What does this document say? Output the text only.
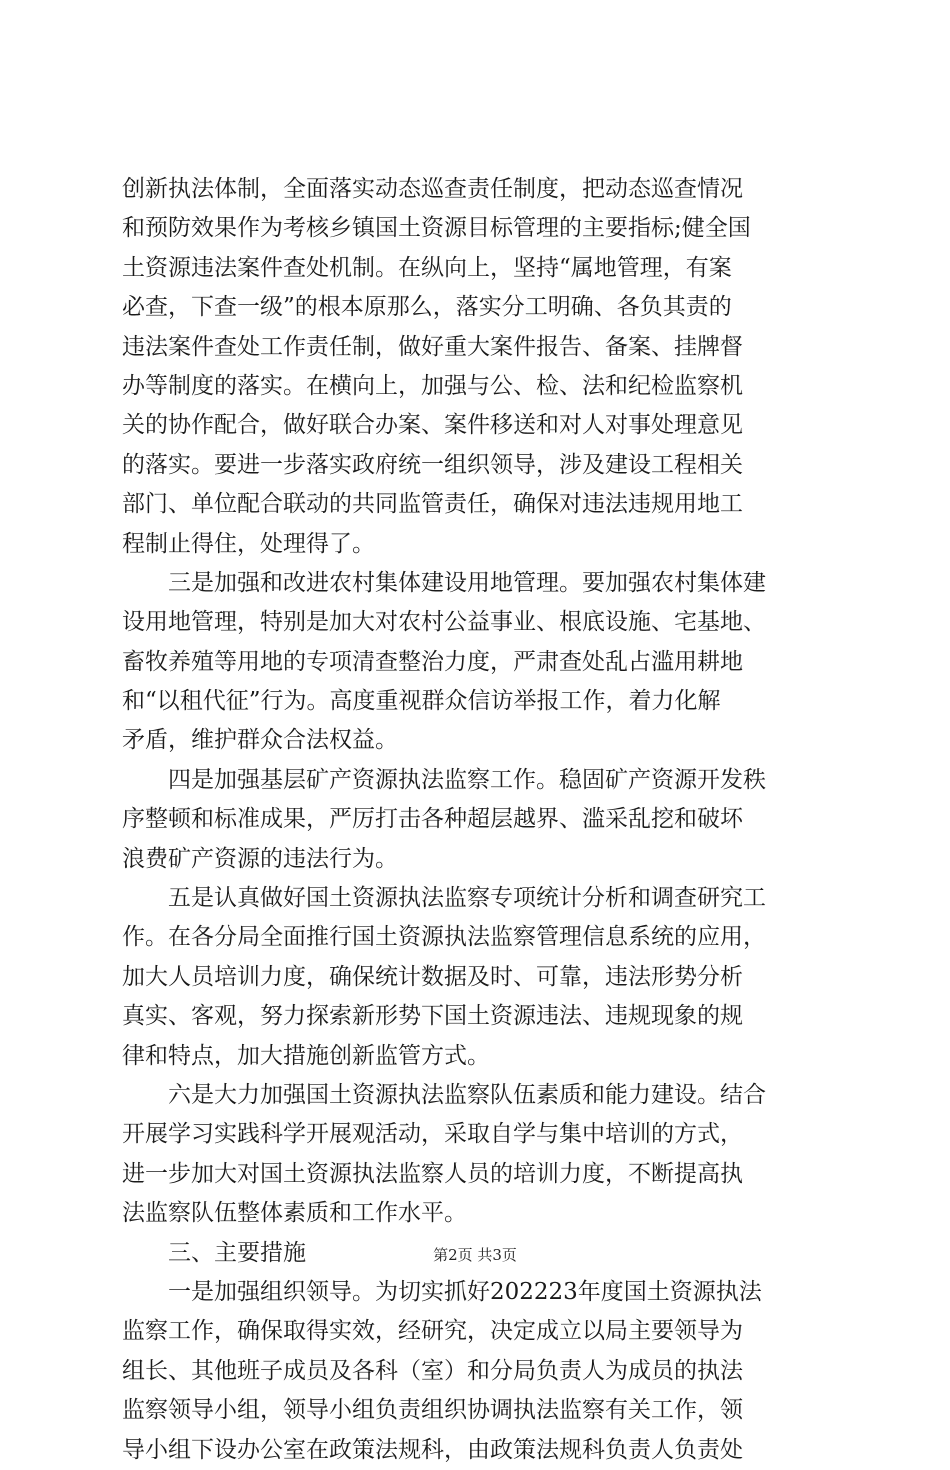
创新执法体制，全面落实动态巡查责任制度，把动态巡查情况
和预防效果作为考核乡镇国土资源目标管理的主要指标;健全国
土资源违法案件查处机制。在纵向上，坚持“属地管理，有案
必查，下查一级”的根本原那么，落实分工明确、各负其责的
违法案件查处工作责任制，做好重大案件报告、备案、挂牌督
办等制度的落实。在横向上，加强与公、检、法和纪检监察机
关的协作配合，做好联合办案、案件移送和对人对事处理意见
的落实。要进一步落实政府统一组织领导，涉及建设工程相关
部门、单位配合联动的共同监管责任，确保对违法违规用地工
程制止得住，处理得了。
三是加强和改进农村集体建设用地管理。要加强农村集体建
设用地管理，特别是加大对农村公益事业、根底设施、宅基地、
畜牧养殖等用地的专项清查整治力度，严肃查处乱占滥用耕地
和“以租代征”行为。高度重视群众信访举报工作，着力化解
矛盾，维护群众合法权益。
四是加强基层矿产资源执法监察工作。稳固矿产资源开发秩
序整顿和标准成果，严厉打击各种超层越界、滥采乱挖和破坏
浪费矿产资源的违法行为。
五是认真做好国土资源执法监察专项统计分析和调查研究工
作。在各分局全面推行国土资源执法监察管理信息系统的应用，
加大人员培训力度，确保统计数据及时、可靠，违法形势分析
真实、客观，努力探索新形势下国土资源违法、违规现象的规
律和特点，加大措施创新监管方式。
六是大力加强国土资源执法监察队伍素质和能力建设。结合
开展学习实践科学开展观活动，采取自学与集中培训的方式，
进一步加大对国土资源执法监察人员的培训力度，不断提高执
法监察队伍整体素质和工作水平。
三、主要措施
一是加强组织领导。为切实抓好202223年度国土资源执法
监察工作，确保取得实效，经研究，决定成立以局主要领导为
组长、其他班子成员及各科（室）和分局负责人为成员的执法
监察领导小组，领导小组负责组织协调执法监察有关工作，领
导小组下设办公室在政策法规科，由政策法规科负责人负责处
第2页 共3页
